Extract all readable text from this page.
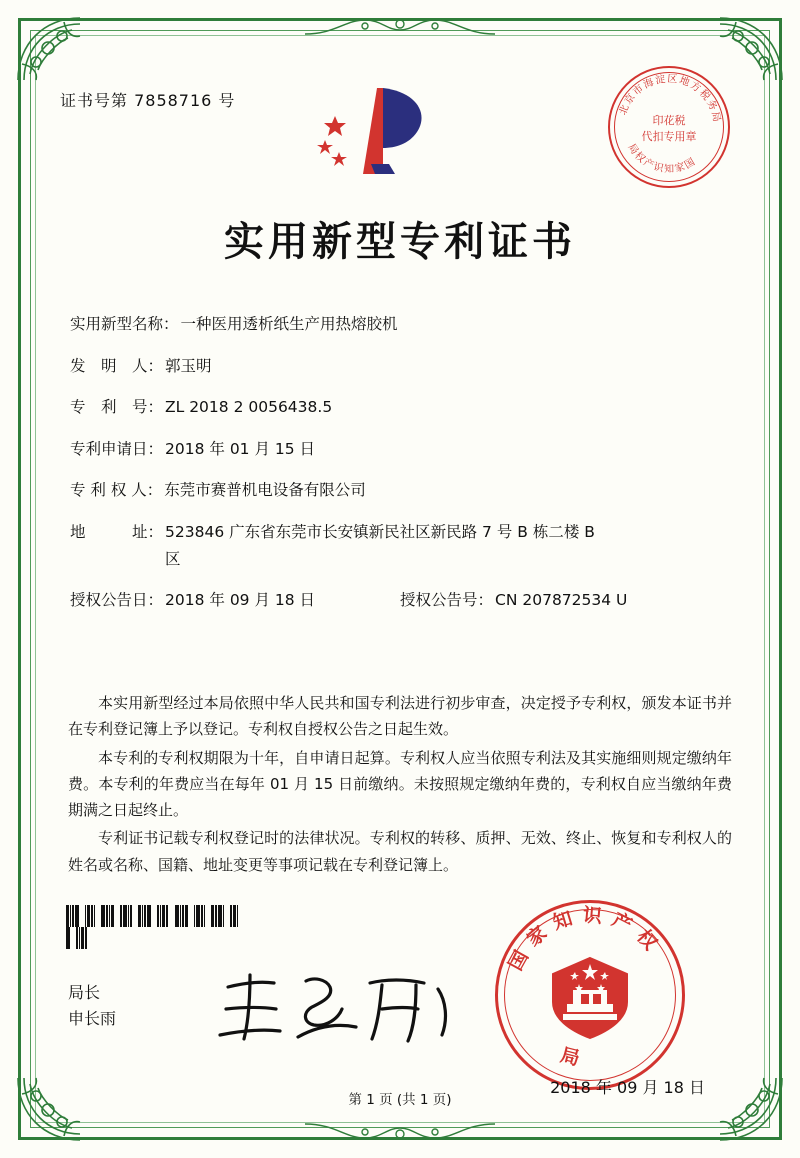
证书号第 7858716 号	北京市海淀区地方税务局
局权产识知家国
印花税
代扣专用章
实用新型专利证书
实用新型名称： 一种医用透析纸生产用热熔胶机
发　明　人： 郭玉明
专　利　号： ZL 2018 2 0056438.5
专利申请日： 2018 年 01 月 15 日
专 利 权 人： 东莞市赛普机电设备有限公司
地　　　址： 523846 广东省东莞市长安镇新民社区新民路 7 号 B 栋二楼 B
区
授权公告日： 2018 年 09 月 18 日	授权公告号： CN 207872534 U

本实用新型经过本局依照中华人民共和国专利法进行初步审查，决定授予专利权，颁发本证书并在专利登记簿上予以登记。专利权自授权公告之日起生效。

本专利的专利权期限为十年，自申请日起算。专利权人应当依照专利法及其实施细则规定缴纳年费。本专利的年费应当在每年 01 月 15 日前缴纳。未按照规定缴纳年费的，专利权自应当缴纳年费期满之日起终止。

专利证书记载专利权登记时的法律状况。专利权的转移、质押、无效、终止、恢复和专利权人的姓名或名称、国籍、地址变更等事项记载在专利登记簿上。

局长
申长雨
国家知识产权
局
2018 年 09 月 18 日
第 1 页 (共 1 页)
